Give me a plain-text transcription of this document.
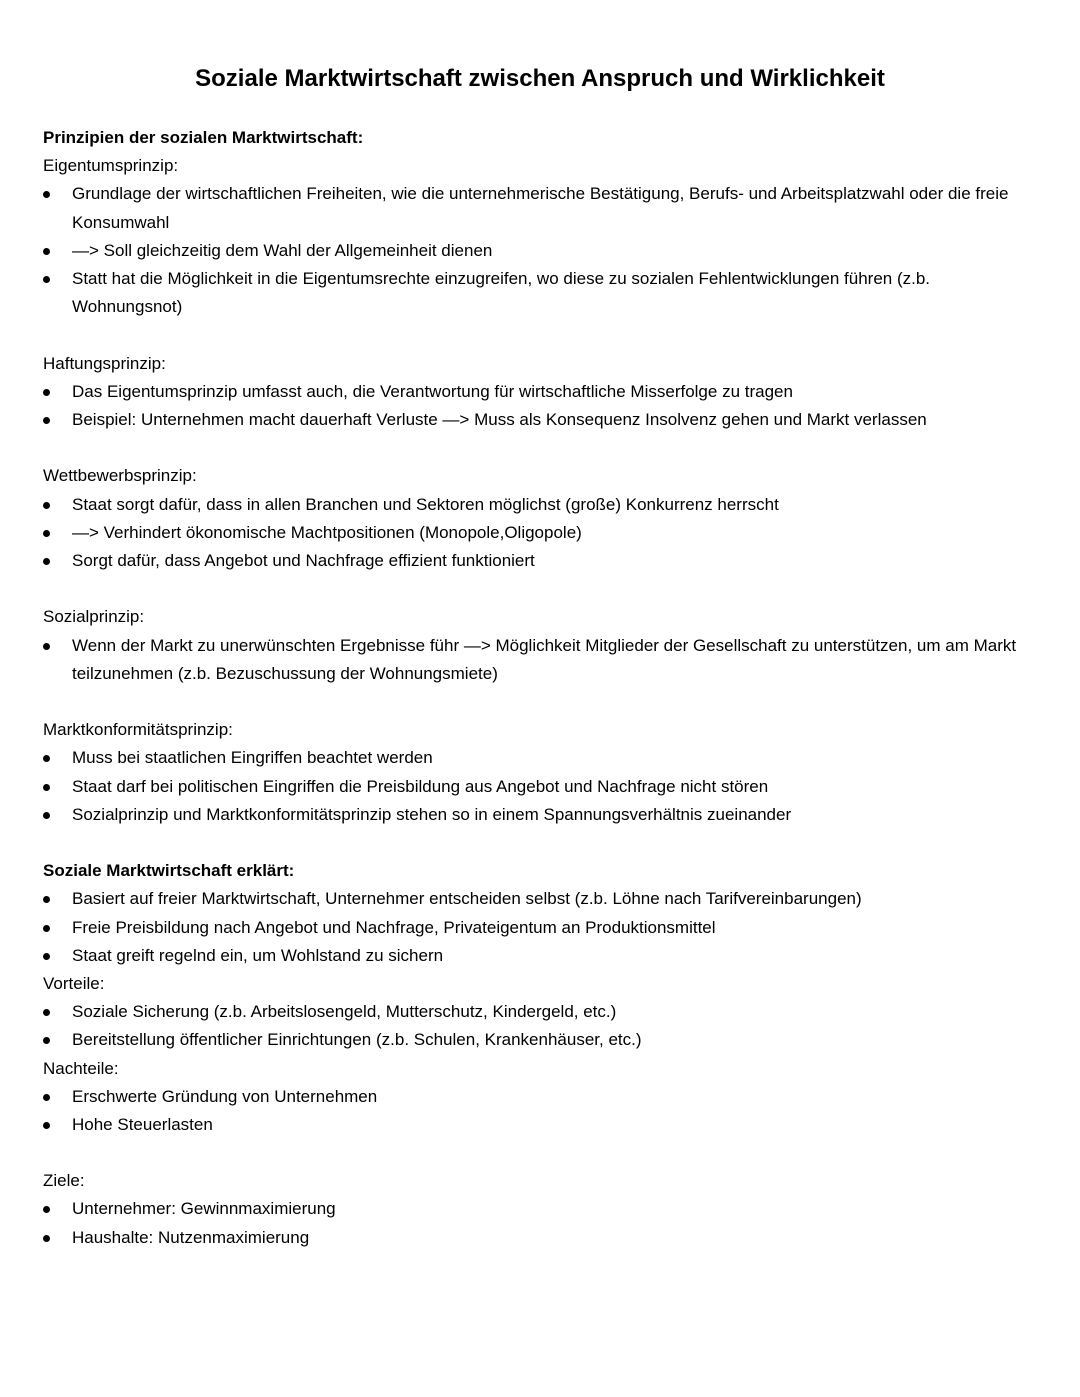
Soziale Marktwirtschaft zwischen Anspruch und Wirklichkeit
Prinzipien der sozialen Marktwirtschaft:
Eigentumsprinzip:
Grundlage der wirtschaftlichen Freiheiten, wie die unternehmerische Bestätigung, Berufs- und Arbeitsplatzwahl oder die freie Konsumwahl
—> Soll gleichzeitig dem Wahl der Allgemeinheit dienen
Statt hat die Möglichkeit in die Eigentumsrechte einzugreifen, wo diese zu sozialen Fehlentwicklungen führen (z.b. Wohnungsnot)
Haftungsprinzip:
Das Eigentumsprinzip umfasst auch, die Verantwortung für wirtschaftliche Misserfolge zu tragen
Beispiel: Unternehmen macht dauerhaft Verluste —> Muss als Konsequenz Insolvenz gehen und Markt verlassen
Wettbewerbsprinzip:
Staat sorgt dafür, dass in allen Branchen und Sektoren möglichst (große) Konkurrenz herrscht
—> Verhindert ökonomische Machtpositionen (Monopole,Oligopole)
Sorgt dafür, dass Angebot und Nachfrage effizient funktioniert
Sozialprinzip:
Wenn der Markt zu unerwünschten Ergebnisse führ —> Möglichkeit Mitglieder der Gesellschaft zu unterstützen, um am Markt teilzunehmen (z.b. Bezuschussung der Wohnungsmiete)
Marktkonformitätsprinzip:
Muss bei staatlichen Eingriffen beachtet werden
Staat darf bei politischen Eingriffen die Preisbildung aus Angebot und Nachfrage nicht stören
Sozialprinzip und Marktkonformitätsprinzip stehen so in einem Spannungsverhältnis zueinander
Soziale Marktwirtschaft erklärt:
Basiert auf freier Marktwirtschaft, Unternehmer entscheiden selbst (z.b. Löhne nach Tarifvereinbarungen)
Freie Preisbildung nach Angebot und Nachfrage, Privateigentum an Produktionsmittel
Staat greift regelnd ein, um Wohlstand zu sichern
Vorteile:
Soziale Sicherung (z.b. Arbeitslosengeld, Mutterschutz, Kindergeld, etc.)
Bereitstellung öffentlicher Einrichtungen (z.b. Schulen, Krankenhäuser, etc.)
Nachteile:
Erschwerte Gründung von Unternehmen
Hohe Steuerlasten
Ziele:
Unternehmer: Gewinnmaximierung
Haushalte: Nutzenmaximierung
